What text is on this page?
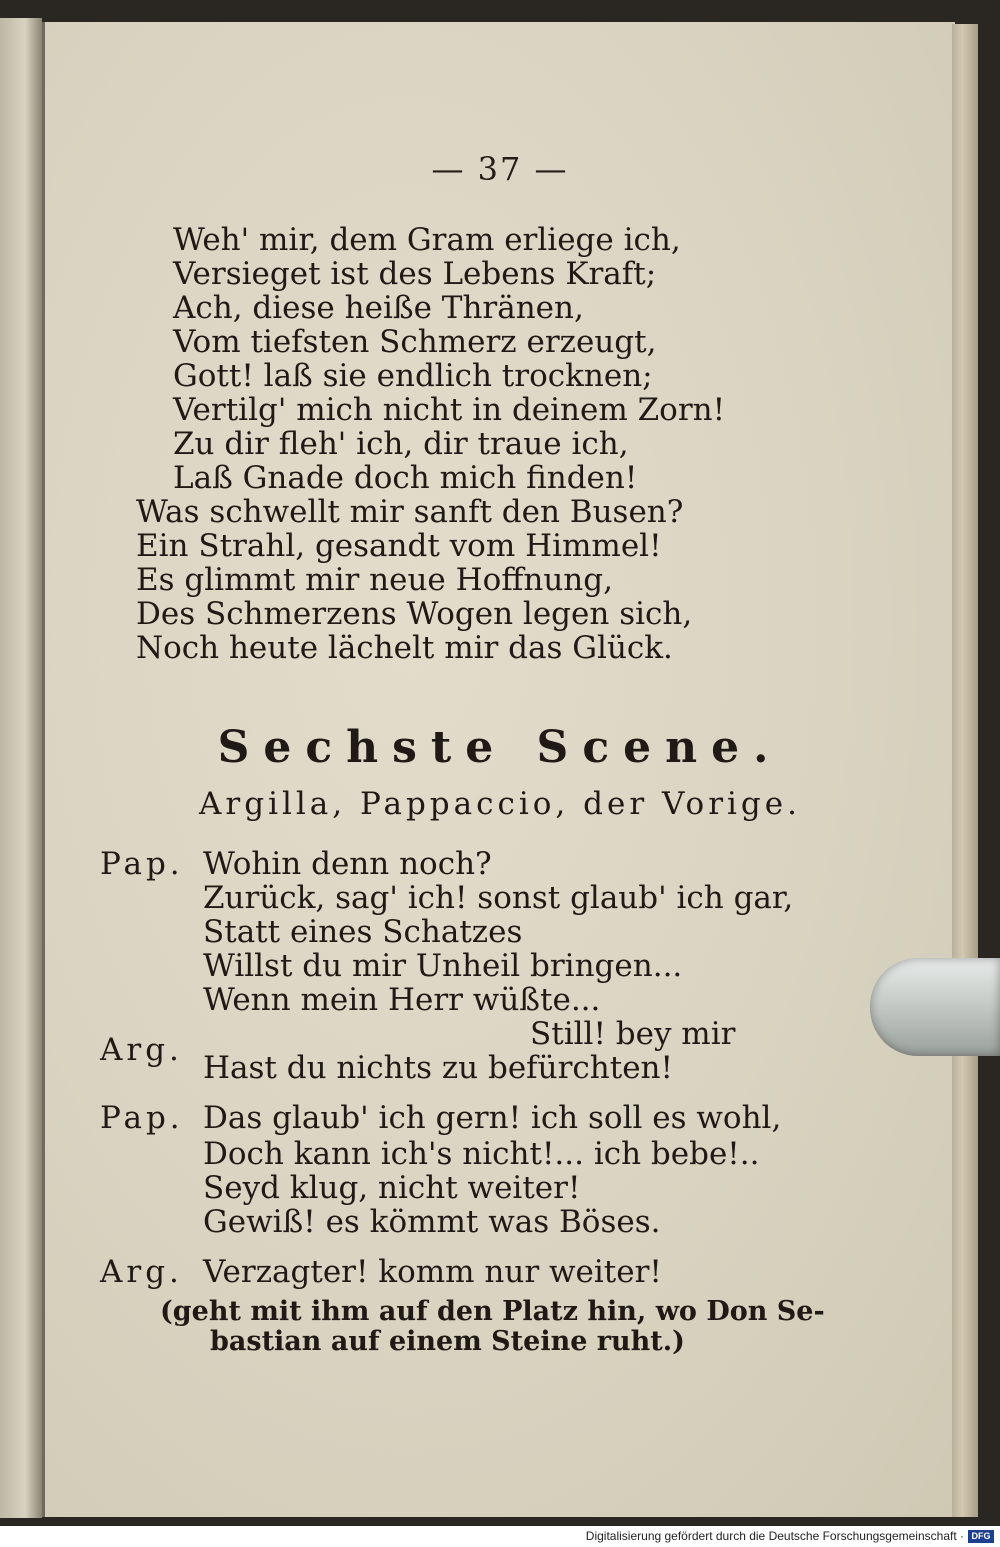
— 37 —
Weh' mir, dem Gram erliege ich,
Versieget ist des Lebens Kraft;
Ach, diese heiße Thränen,
Vom tiefsten Schmerz erzeugt,
Gott! laß sie endlich trocknen;
Vertilg' mich nicht in deinem Zorn!
Zu dir fleh' ich, dir traue ich,
Laß Gnade doch mich finden!
Was schwellt mir sanft den Busen?
Ein Strahl, gesandt vom Himmel!
Es glimmt mir neue Hoffnung,
Des Schmerzens Wogen legen sich,
Noch heute lächelt mir das Glück.
Sechste Scene.
Argilla, Pappaccio, der Vorige.
Pap. Wohin denn noch?
Zurück, sag' ich! sonst glaub' ich gar,
Statt eines Schatzes
Willst du mir Unheil bringen...
Wenn mein Herr wüßte...
Arg.	Still! bey mir
Hast du nichts zu befürchten!
Pap. Das glaub' ich gern! ich soll es wohl,
Doch kann ich's nicht!... ich bebe!..
Seyd klug, nicht weiter!
Gewiß! es kömmt was Böses.
Arg. Verzagter! komm nur weiter!
(geht mit ihm auf den Platz hin, wo Don Se-
bastian auf einem Steine ruht.)
Digitalisierung gefördert durch die Deutsche Forschungsgemeinschaft · DFG
